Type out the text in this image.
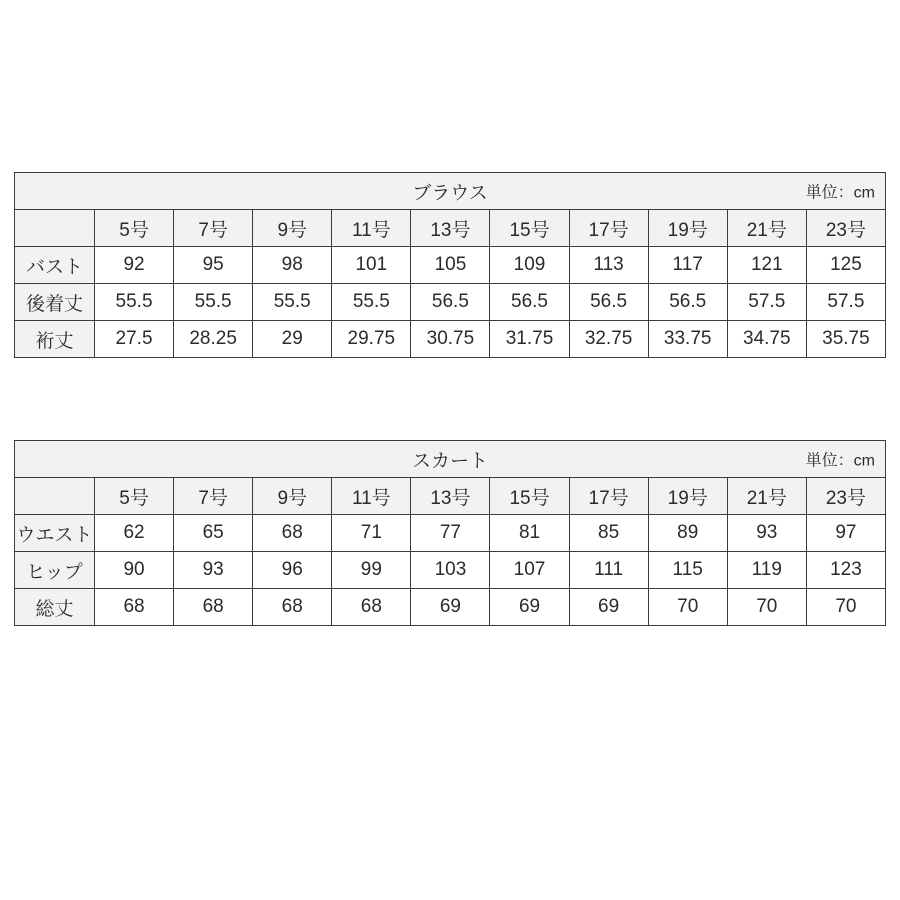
ブラウス 単位：cm										

	5号	7号	9号	11号	13号	15号	17号	19号	21号	23号
バスト	92	95	98	101	105	109	113	117	121	125
後着丈	55.5	55.5	55.5	55.5	56.5	56.5	56.5	56.5	57.5	57.5
裄丈	27.5	28.25	29	29.75	30.75	31.75	32.75	33.75	34.75	35.75
スカート 単位：cm										

	5号	7号	9号	11号	13号	15号	17号	19号	21号	23号
ウエスト	62	65	68	71	77	81	85	89	93	97
ヒップ	90	93	96	99	103	107	111	115	119	123
総丈	68	68	68	68	69	69	69	70	70	70
